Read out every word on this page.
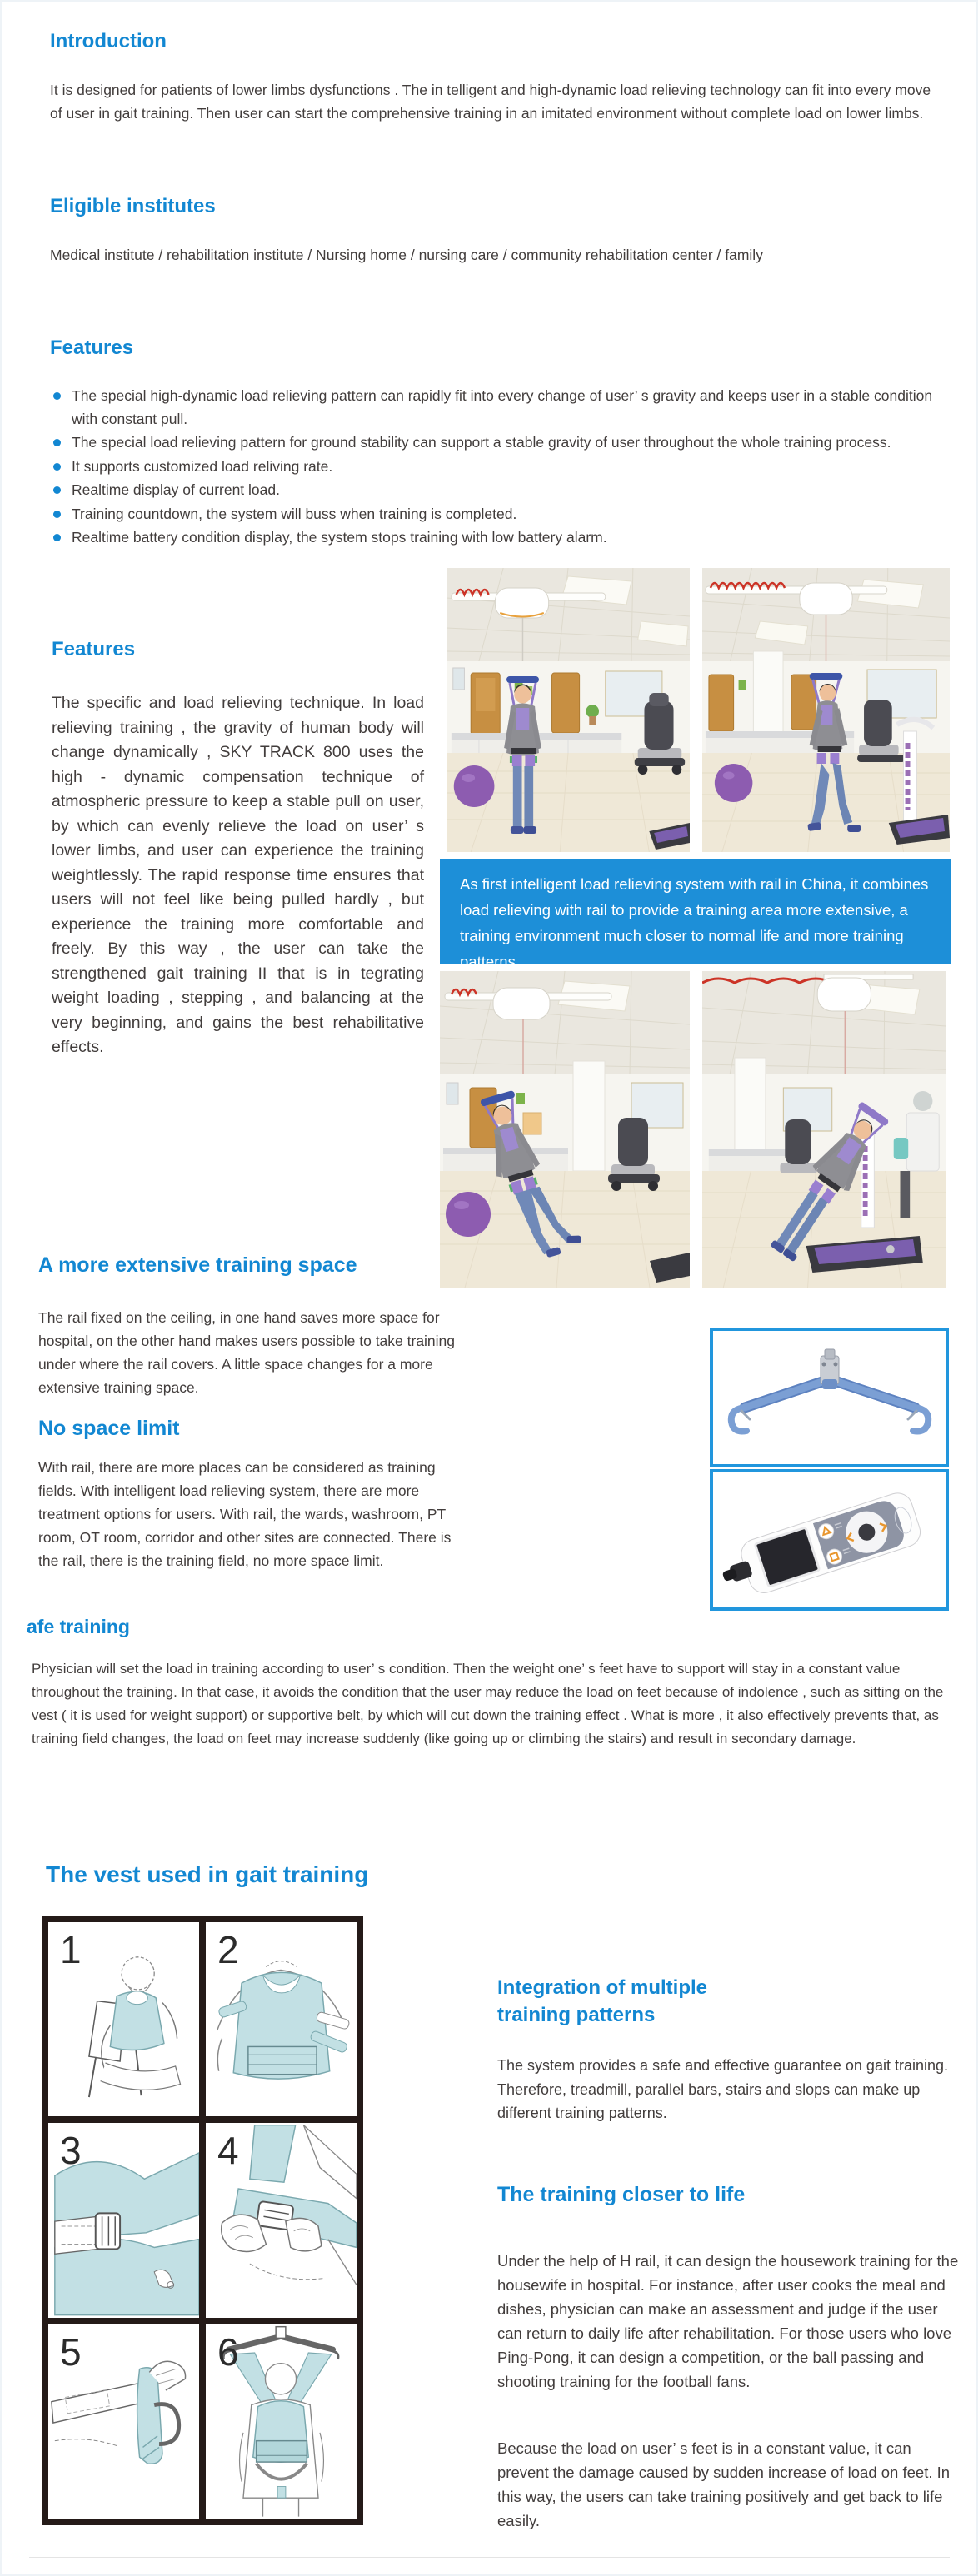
Introduction
It is designed for patients of lower limbs dysfunctions . The in telligent and high-dynamic load relieving technology can fit into every move of user in gait training. Then user can start the comprehensive training in an imitated environment without complete load on lower limbs.
Eligible institutes
Medical institute / rehabilitation institute / Nursing home / nursing care / community rehabilitation center / family
Features
The special high-dynamic load relieving pattern can rapidly fit into every change of user’ s gravity and keeps user in a stable condition with constant pull.
The special load relieving pattern for ground stability can support a stable gravity of user throughout the whole training process.
It supports customized load reliving rate.
Realtime display of current load.
Training countdown, the system will buss when training is completed.
Realtime battery condition display, the system stops training with low battery alarm.
Features
The specific and load relieving technique. In load relieving training , the gravity of human body will change dynamically , SKY TRACK 800 uses the high - dynamic compensation technique of atmospheric pressure to keep a stable pull on user, by which can evenly relieve the load on user’ s lower limbs, and user can experience the training weightlessly. The rapid response time ensures that users will not feel like being pulled hardly , but experience the training more comfortable and freely. By this way , the user can take the strengthened gait training II that is in tegrating weight loading , stepping , and balancing at the very beginning, and gains the best rehabilitative effects.
As first intelligent load relieving system with rail in China, it combines load relieving with rail to provide a training area more extensive, a training environment much closer to normal life and more training patterns.
A more extensive training space
The rail fixed on the ceiling, in one hand saves more space for hospital, on the other hand makes users possible to take training under where the rail covers. A little space changes for a more extensive training space.
No space limit
With rail, there are more places can be considered as training fields. With intelligent load relieving system, there are more treatment options for users. With rail, the wards, washroom, PT room, OT room, corridor and other sites are connected. There is the rail, there is the training field, no more space limit.
afe training
Physician will set the load in training according to user’ s condition. Then the weight one’ s feet have to support will stay in a constant value throughout the training. In that case, it avoids the condition that the user may reduce the load on feet because of indolence , such as sitting on the vest ( it is used for weight support) or supportive belt, by which will cut down the training effect . What is more , it also effectively prevents that, as training field changes, the load on feet may increase suddenly (like going up or climbing the stairs) and result in secondary damage.
The vest used in gait training
1	2
3	4
5	6
Integration of multiple
training patterns
The system provides a safe and effective guarantee on gait training. Therefore, treadmill, parallel bars, stairs and slops can make up different training patterns.
The training closer to life
Under the help of H rail, it can design the housework training for the housewife in hospital. For instance, after user cooks the meal and dishes, physician can make an assessment and judge if the user can return to daily life after rehabilitation. For those users who love Ping-Pong, it can design a competition, or the ball passing and shooting training for the football fans.
Because the load on user’ s feet is in a constant value, it can prevent the damage caused by sudden increase of load on feet. In this way, the users can take training positively and get back to life easily.
